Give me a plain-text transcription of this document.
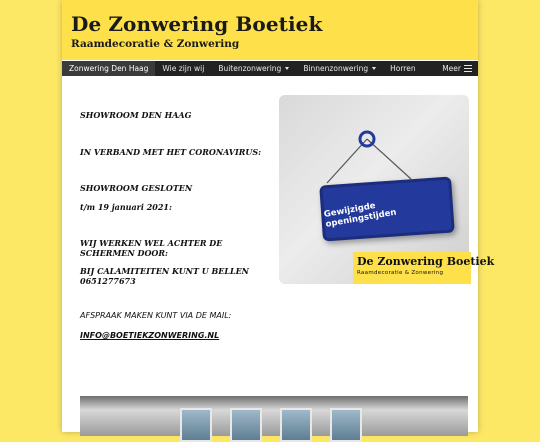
De Zonwering Boetiek
Raamdecoratie & Zonwering
Zonwering Den Haag Wie zijn wij Buitenzonwering	Binnenzonwering	Horren	Meer

SHOWROOM DEN HAAG

IN VERBAND MET HET CORONAVIRUS:

SHOWROOM GESLOTEN

t/m 19 januari 2021:

WIJ WERKEN WEL ACHTER DE SCHERMEN DOOR:

BIJ CALAMITEITEN KUNT U BELLEN 0651277673

AFSPRAAK MAKEN KUNT VIA DE MAIL:

INFO@BOETIEKZONWERING.NL

Gewijzigde openingstijden
De Zonwering Boetiek
Raamdecoratie & Zonwering
